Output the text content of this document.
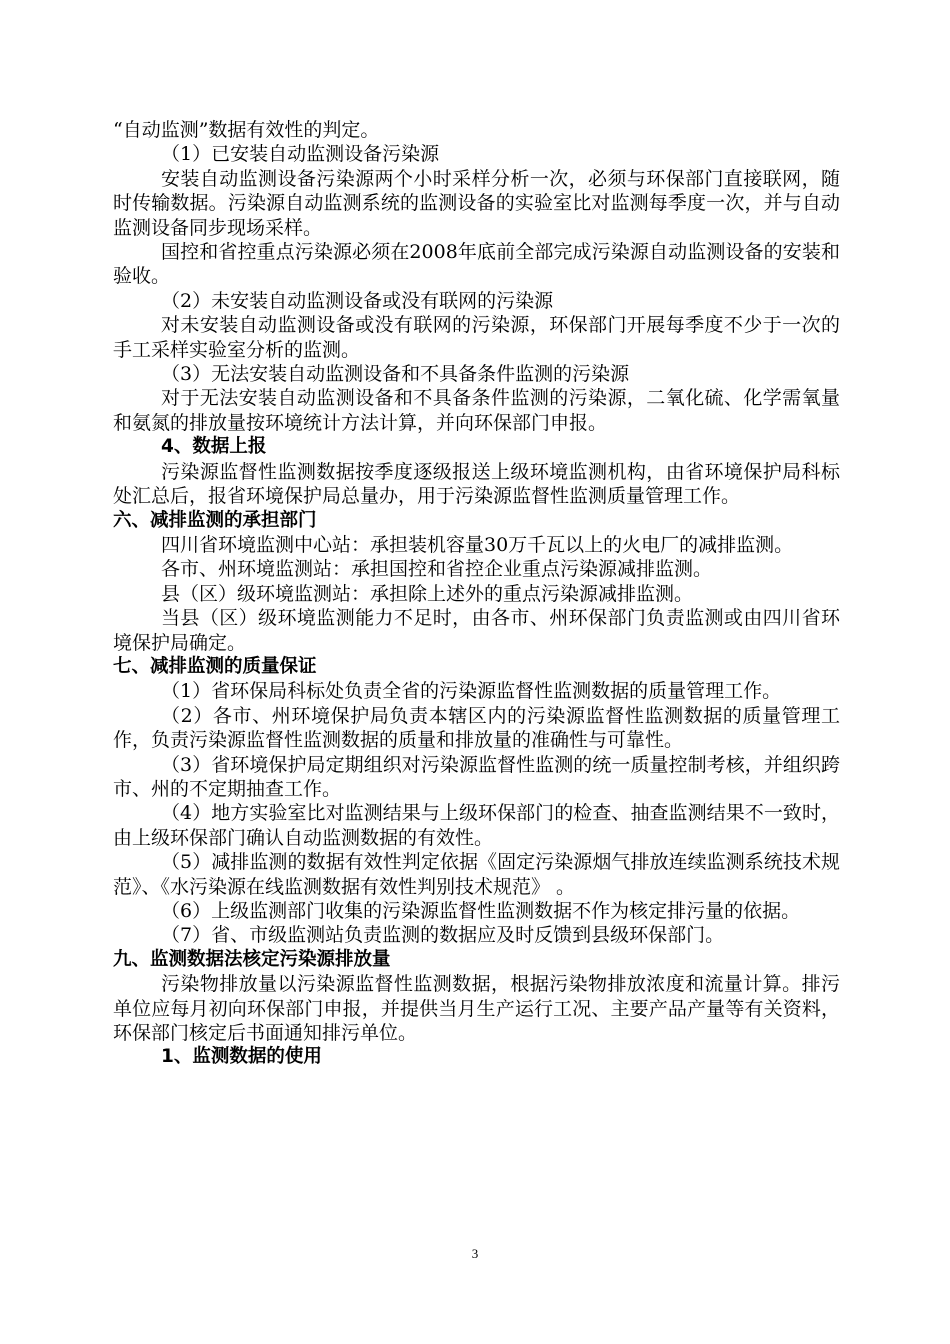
“自动监测”数据有效性的判定。

（1）已安装自动监测设备污染源

安装自动监测设备污染源两个小时采样分析一次，必须与环保部门直接联网，随时传输数据。污染源自动监测系统的监测设备的实验室比对监测每季度一次，并与自动监测设备同步现场采样。

国控和省控重点污染源必须在2008年底前全部完成污染源自动监测设备的安装和验收。

（2）未安装自动监测设备或没有联网的污染源

对未安装自动监测设备或没有联网的污染源，环保部门开展每季度不少于一次的手工采样实验室分析的监测。

（3）无法安装自动监测设备和不具备条件监测的污染源

对于无法安装自动监测设备和不具备条件监测的污染源，二氧化硫、化学需氧量和氨氮的排放量按环境统计方法计算，并向环保部门申报。

4、数据上报

污染源监督性监测数据按季度逐级报送上级环境监测机构，由省环境保护局科标处汇总后，报省环境保护局总量办，用于污染源监督性监测质量管理工作。

六、减排监测的承担部门

四川省环境监测中心站：承担装机容量30万千瓦以上的火电厂的减排监测。

各市、州环境监测站：承担国控和省控企业重点污染源减排监测。

县（区）级环境监测站：承担除上述外的重点污染源减排监测。

当县（区）级环境监测能力不足时，由各市、州环保部门负责监测或由四川省环境保护局确定。

七、减排监测的质量保证

（1）省环保局科标处负责全省的污染源监督性监测数据的质量管理工作。

（2）各市、州环境保护局负责本辖区内的污染源监督性监测数据的质量管理工作，负责污染源监督性监测数据的质量和排放量的准确性与可靠性。

（3）省环境保护局定期组织对污染源监督性监测的统一质量控制考核，并组织跨市、州的不定期抽查工作。

（4）地方实验室比对监测结果与上级环保部门的检查、抽查监测结果不一致时，由上级环保部门确认自动监测数据的有效性。

（5）减排监测的数据有效性判定依据《固定污染源烟气排放连续监测系统技术规范》、《水污染源在线监测数据有效性判别技术规范》 。

（6）上级监测部门收集的污染源监督性监测数据不作为核定排污量的依据。

（7）省、市级监测站负责监测的数据应及时反馈到县级环保部门。

九、监测数据法核定污染源排放量

污染物排放量以污染源监督性监测数据，根据污染物排放浓度和流量计算。排污单位应每月初向环保部门申报，并提供当月生产运行工况、主要产品产量等有关资料，环保部门核定后书面通知排污单位。

1、监测数据的使用

3
